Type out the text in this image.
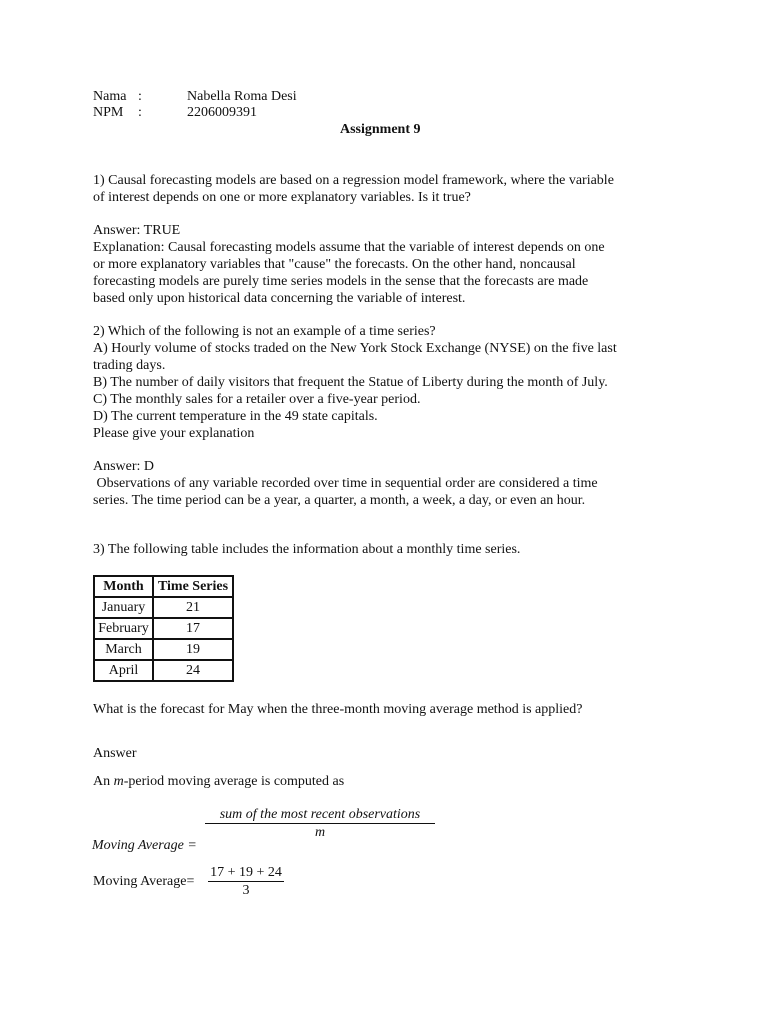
Nama :	Nabella Roma Desi
NPM :	2206009391
Assignment 9
1) Causal forecasting models are based on a regression model framework, where the variable
of interest depends on one or more explanatory variables. Is it true?
Answer: TRUE
Explanation: Causal forecasting models assume that the variable of interest depends on one
or more explanatory variables that "cause" the forecasts. On the other hand, noncausal
forecasting models are purely time series models in the sense that the forecasts are made
based only upon historical data concerning the variable of interest.
2) Which of the following is not an example of a time series?
A) Hourly volume of stocks traded on the New York Stock Exchange (NYSE) on the five last
trading days.
B) The number of daily visitors that frequent the Statue of Liberty during the month of July.
C) The monthly sales for a retailer over a five-year period.
D) The current temperature in the 49 state capitals.
Please give your explanation
Answer: D
Observations of any variable recorded over time in sequential order are considered a time
series. The time period can be a year, a quarter, a month, a week, a day, or even an hour.
3) The following table includes the information about a monthly time series.
Month	Time Series
January	21
February	17
March	19
April	24
What is the forecast for May when the three-month moving average method is applied?
Answer
An m-period moving average is computed as
sum of the most recent observations
m
Moving Average =
Moving Average=
17 + 19 + 24
3
